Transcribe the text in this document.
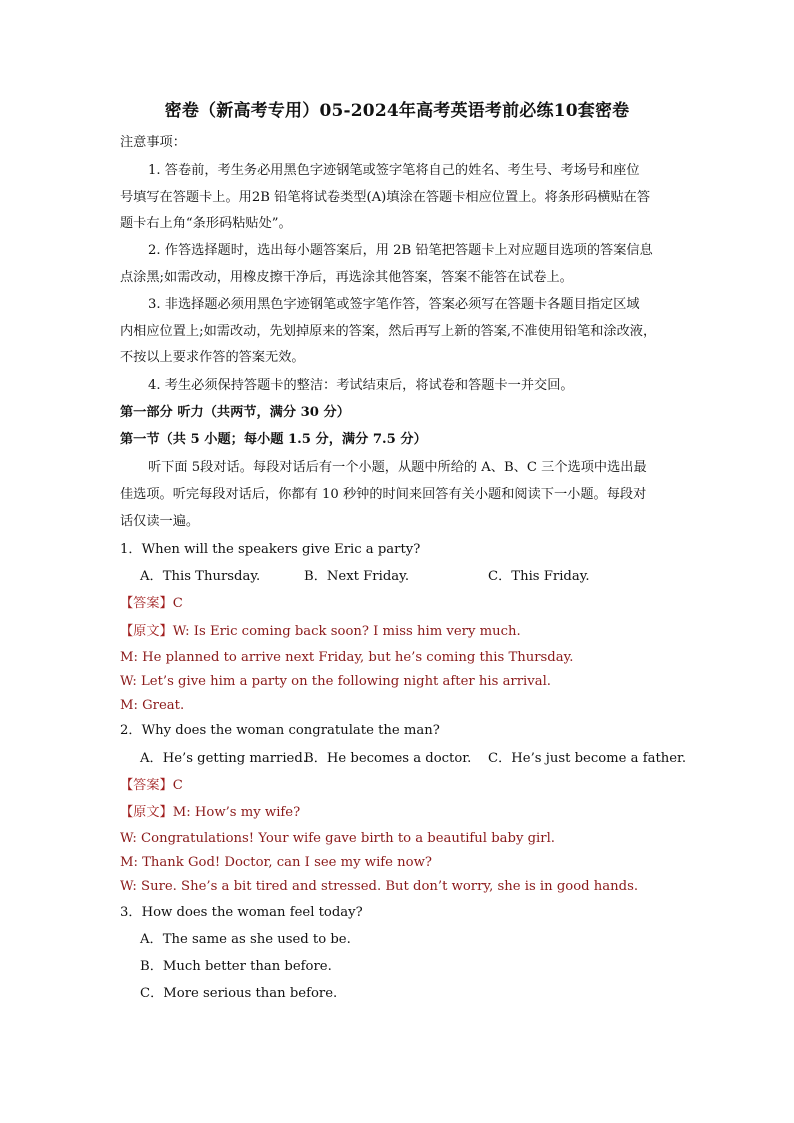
密卷（新高考专用）05-2024年高考英语考前必练10套密卷
注意事项：
1. 答卷前，考生务必用黑色字迹钢笔或签字笔将自己的姓名、考生号、考场号和座位
号填写在答题卡上。用2B 铅笔将试卷类型(A)填涂在答题卡相应位置上。将条形码横贴在答
题卡右上角“条形码粘贴处”。
2. 作答选择题时，选出每小题答案后，用 2B 铅笔把答题卡上对应题目选项的答案信息
点涂黑;如需改动，用橡皮擦干净后，再选涂其他答案，答案不能答在试卷上。
3. 非选择题必须用黑色字迹钢笔或签字笔作答，答案必须写在答题卡各题目指定区域
内相应位置上;如需改动，先划掉原来的答案，然后再写上新的答案,不准使用铅笔和涂改液，
不按以上要求作答的答案无效。
4. 考生必须保持答题卡的整洁：考试结束后，将试卷和答题卡一并交回。
第一部分 听力（共两节，满分 30 分）
第一节（共 5 小题；每小题 1.5 分，满分 7.5 分）
听下面 5段对话。每段对话后有一个小题，从题中所给的 A、B、C 三个选项中选出最
佳选项。听完每段对话后，你都有 10 秒钟的时间来回答有关小题和阅读下一小题。每段对
话仅读一遍。
1．When will the speakers give Eric a party?
A．This Thursday.	B．Next Friday.	C．This Friday.
【答案】C
【原文】W: Is Eric coming back soon? I miss him very much.
M: He planned to arrive next Friday, but he’s coming this Thursday.
W: Let’s give him a party on the following night after his arrival.
M: Great.
2．Why does the woman congratulate the man?
A．He’s getting married.
B．He becomes a doctor. C．He’s just become a father.
【答案】C
【原文】M: How’s my wife?
W: Congratulations! Your wife gave birth to a beautiful baby girl.
M: Thank God! Doctor, can I see my wife now?
W: Sure. She’s a bit tired and stressed. But don’t worry, she is in good hands.
3．How does the woman feel today?
A．The same as she used to be.
B．Much better than before.
C．More serious than before.
